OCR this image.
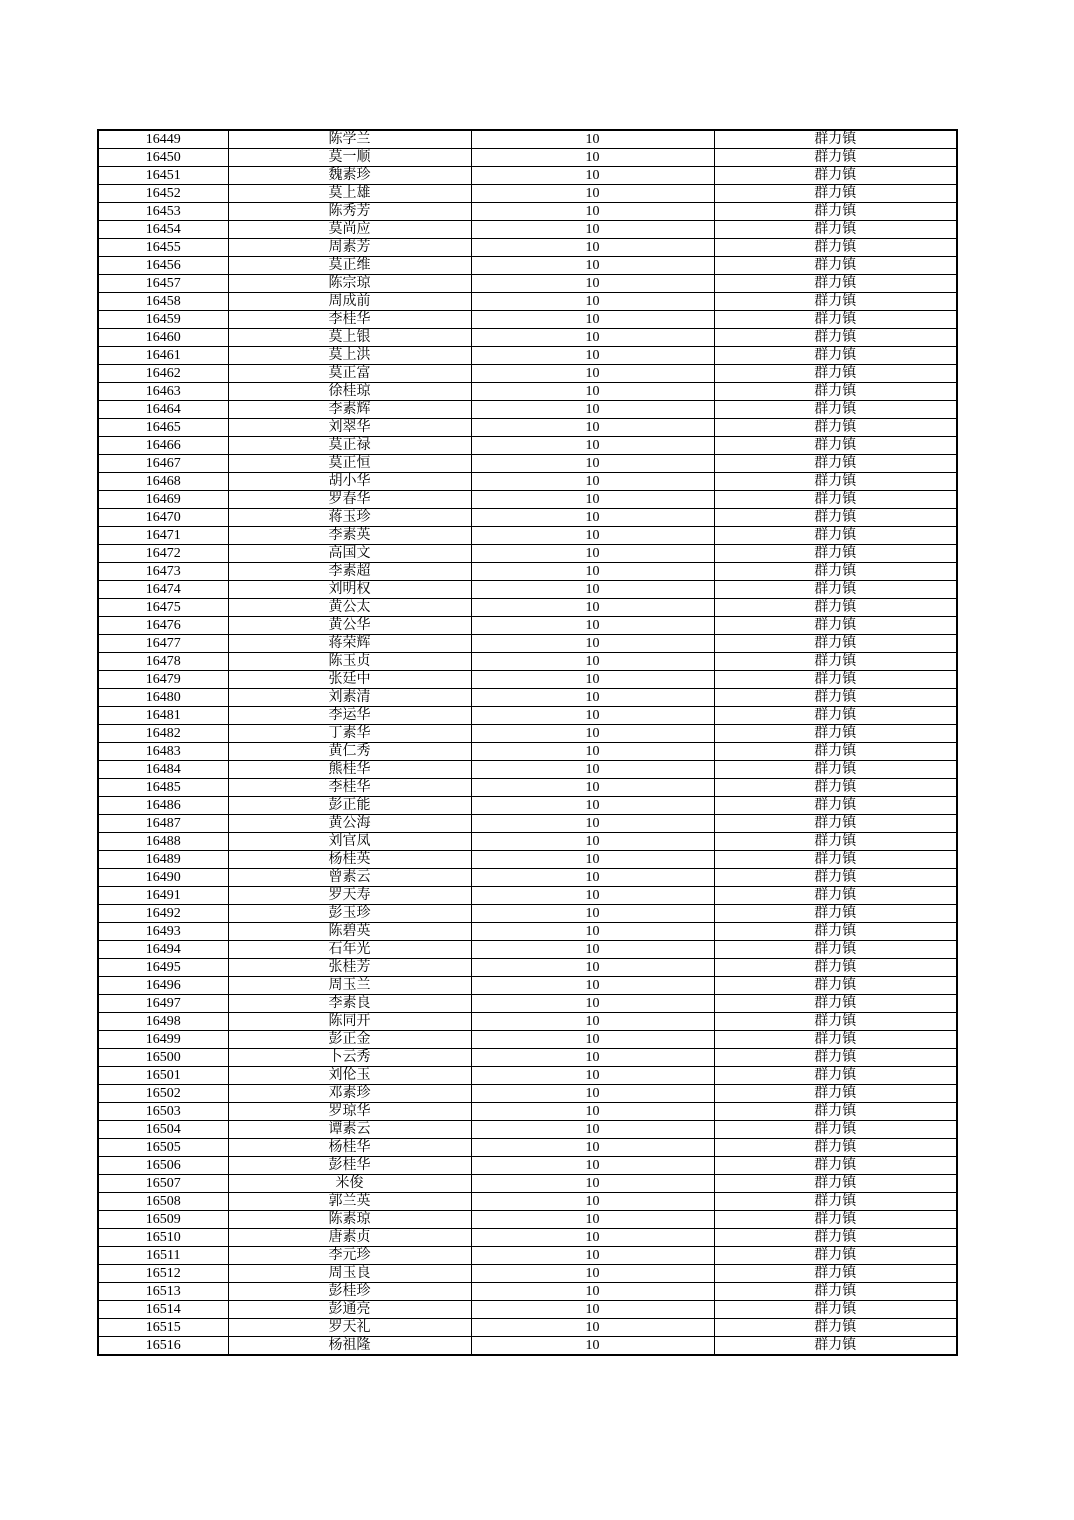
16449	陈学兰	10	群力镇
16450	莫一顺	10	群力镇
16451	魏素珍	10	群力镇
16452	莫上雄	10	群力镇
16453	陈秀芳	10	群力镇
16454	莫尚应	10	群力镇
16455	周素芳	10	群力镇
16456	莫正维	10	群力镇
16457	陈宗琼	10	群力镇
16458	周成前	10	群力镇
16459	李桂华	10	群力镇
16460	莫上银	10	群力镇
16461	莫上洪	10	群力镇
16462	莫正富	10	群力镇
16463	徐桂琼	10	群力镇
16464	李素辉	10	群力镇
16465	刘翠华	10	群力镇
16466	莫正禄	10	群力镇
16467	莫正恒	10	群力镇
16468	胡小华	10	群力镇
16469	罗春华	10	群力镇
16470	蒋玉珍	10	群力镇
16471	李素英	10	群力镇
16472	高国文	10	群力镇
16473	李素超	10	群力镇
16474	刘明权	10	群力镇
16475	黄公太	10	群力镇
16476	黄公华	10	群力镇
16477	蒋荣辉	10	群力镇
16478	陈玉贞	10	群力镇
16479	张廷中	10	群力镇
16480	刘素清	10	群力镇
16481	李运华	10	群力镇
16482	丁素华	10	群力镇
16483	黄仁秀	10	群力镇
16484	熊桂华	10	群力镇
16485	李桂华	10	群力镇
16486	彭正能	10	群力镇
16487	黄公海	10	群力镇
16488	刘官凤	10	群力镇
16489	杨桂英	10	群力镇
16490	曾素云	10	群力镇
16491	罗天寿	10	群力镇
16492	彭玉珍	10	群力镇
16493	陈碧英	10	群力镇
16494	石年光	10	群力镇
16495	张桂芳	10	群力镇
16496	周玉兰	10	群力镇
16497	李素良	10	群力镇
16498	陈同开	10	群力镇
16499	彭正金	10	群力镇
16500	卜云秀	10	群力镇
16501	刘伦玉	10	群力镇
16502	邓素珍	10	群力镇
16503	罗琼华	10	群力镇
16504	谭素云	10	群力镇
16505	杨桂华	10	群力镇
16506	彭桂华	10	群力镇
16507	米俊	10	群力镇
16508	郭兰英	10	群力镇
16509	陈素琼	10	群力镇
16510	唐素贞	10	群力镇
16511	李元珍	10	群力镇
16512	周玉良	10	群力镇
16513	彭桂珍	10	群力镇
16514	彭通亮	10	群力镇
16515	罗天礼	10	群力镇
16516	杨祖隆	10	群力镇
